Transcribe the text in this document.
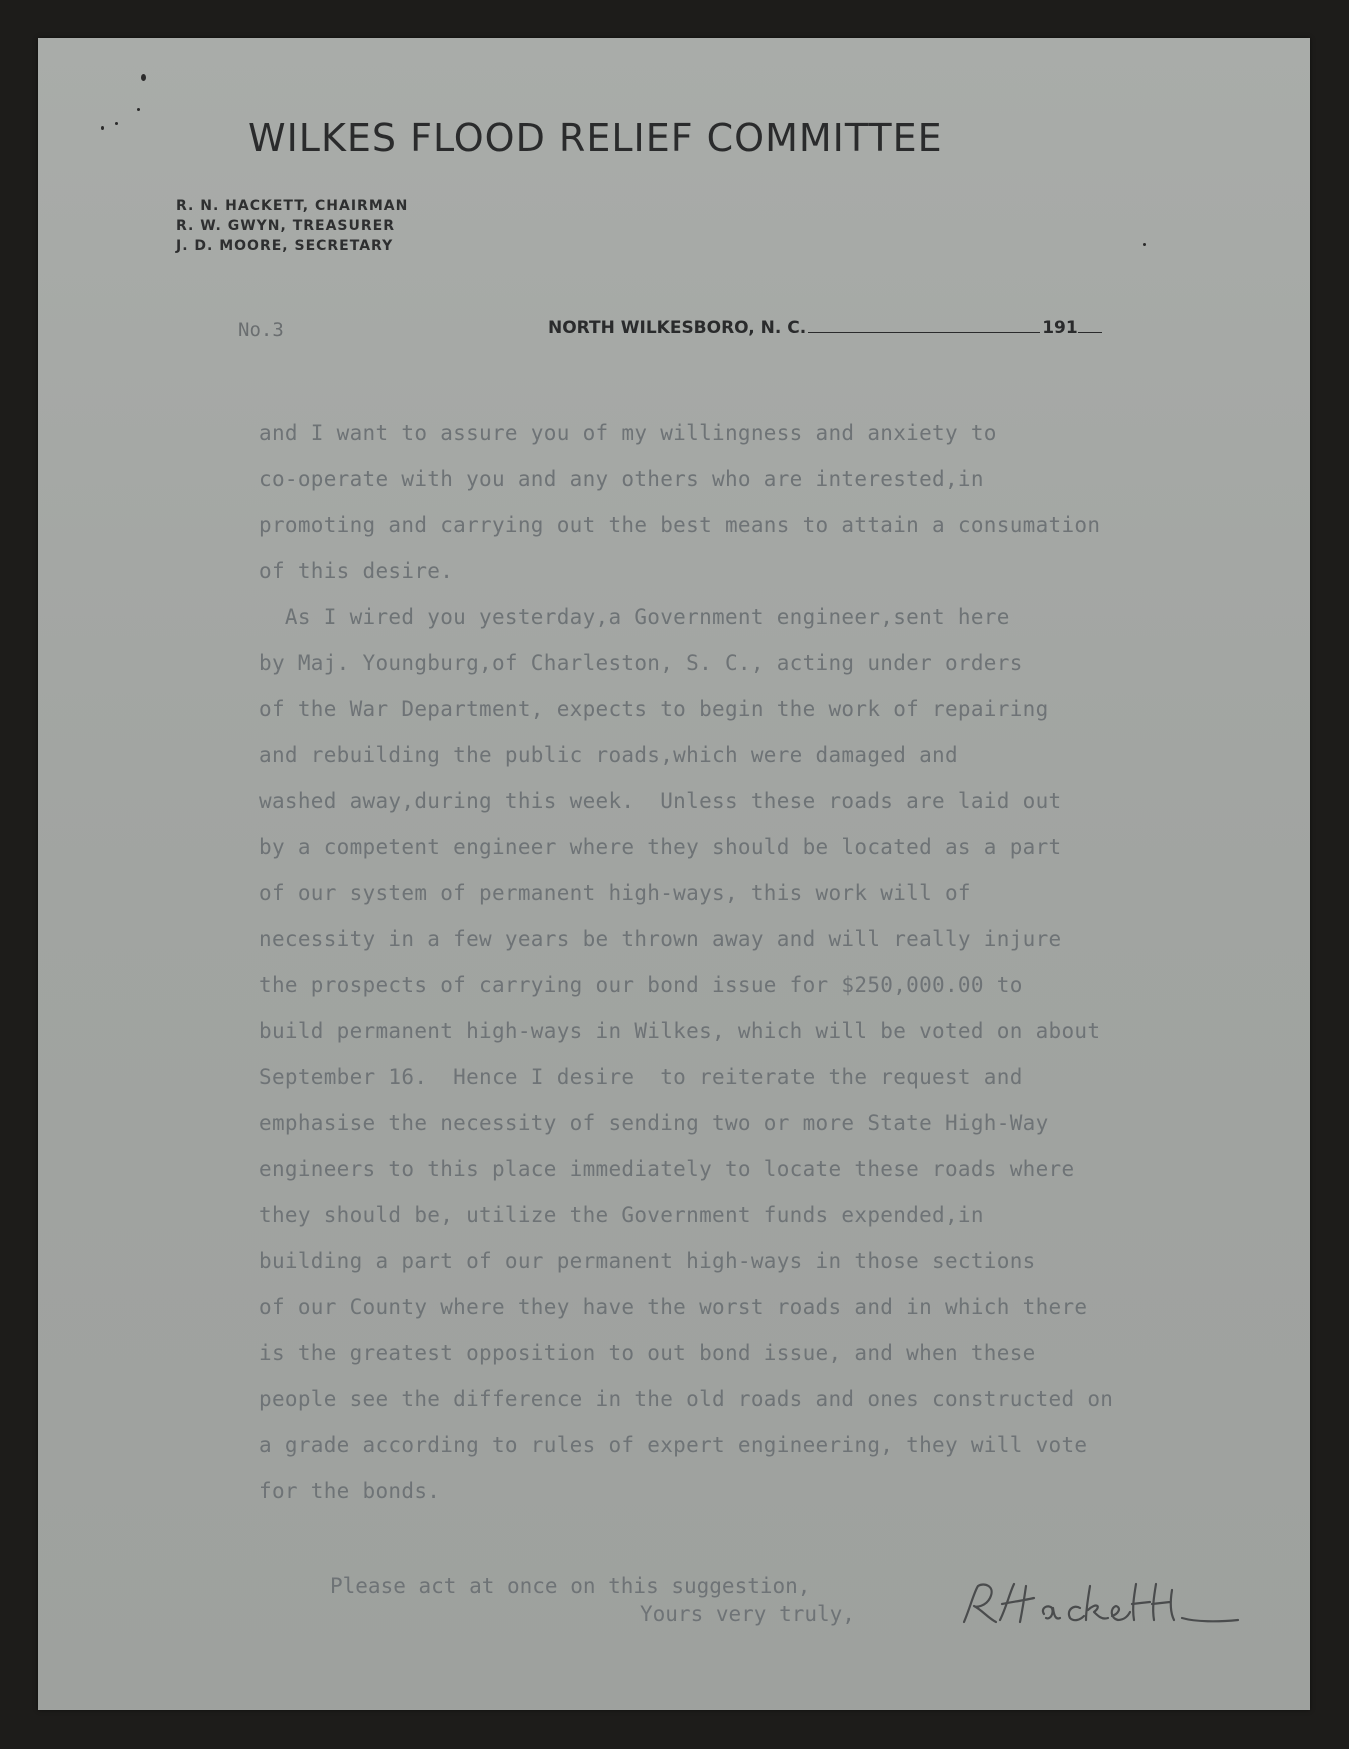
WILKES FLOOD RELIEF COMMITTEE
R. N. HACKETT, CHAIRMAN
R. W. GWYN, TREASURER
J. D. MOORE, SECRETARY
No.3	NORTH WILKESBORO, N. C.	191
and I want to assure you of my willingness and anxiety to
co-operate with you and any others who are interested,in
promoting and carrying out the best means to attain a consumation
of this desire.
As I wired you yesterday,a Government engineer,sent here
by Maj. Youngburg,of Charleston, S. C., acting under orders
of the War Department, expects to begin the work of repairing
and rebuilding the public roads,which were damaged and
washed away,during this week.  Unless these roads are laid out
by a competent engineer where they should be located as a part
of our system of permanent high-ways, this work will of
necessity in a few years be thrown away and will really injure
the prospects of carrying our bond issue for $250,000.00 to
build permanent high-ways in Wilkes, which will be voted on about
September 16.  Hence I desire  to reiterate the request and
emphasise the necessity of sending two or more State High-Way
engineers to this place immediately to locate these roads where
they should be, utilize the Government funds expended,in
building a part of our permanent high-ways in those sections
of our County where they have the worst roads and in which there
is the greatest opposition to out bond issue, and when these
people see the difference in the old roads and ones constructed on
a grade according to rules of expert engineering, they will vote
for the bonds.
Please act at once on this suggestion,
Yours very truly,
